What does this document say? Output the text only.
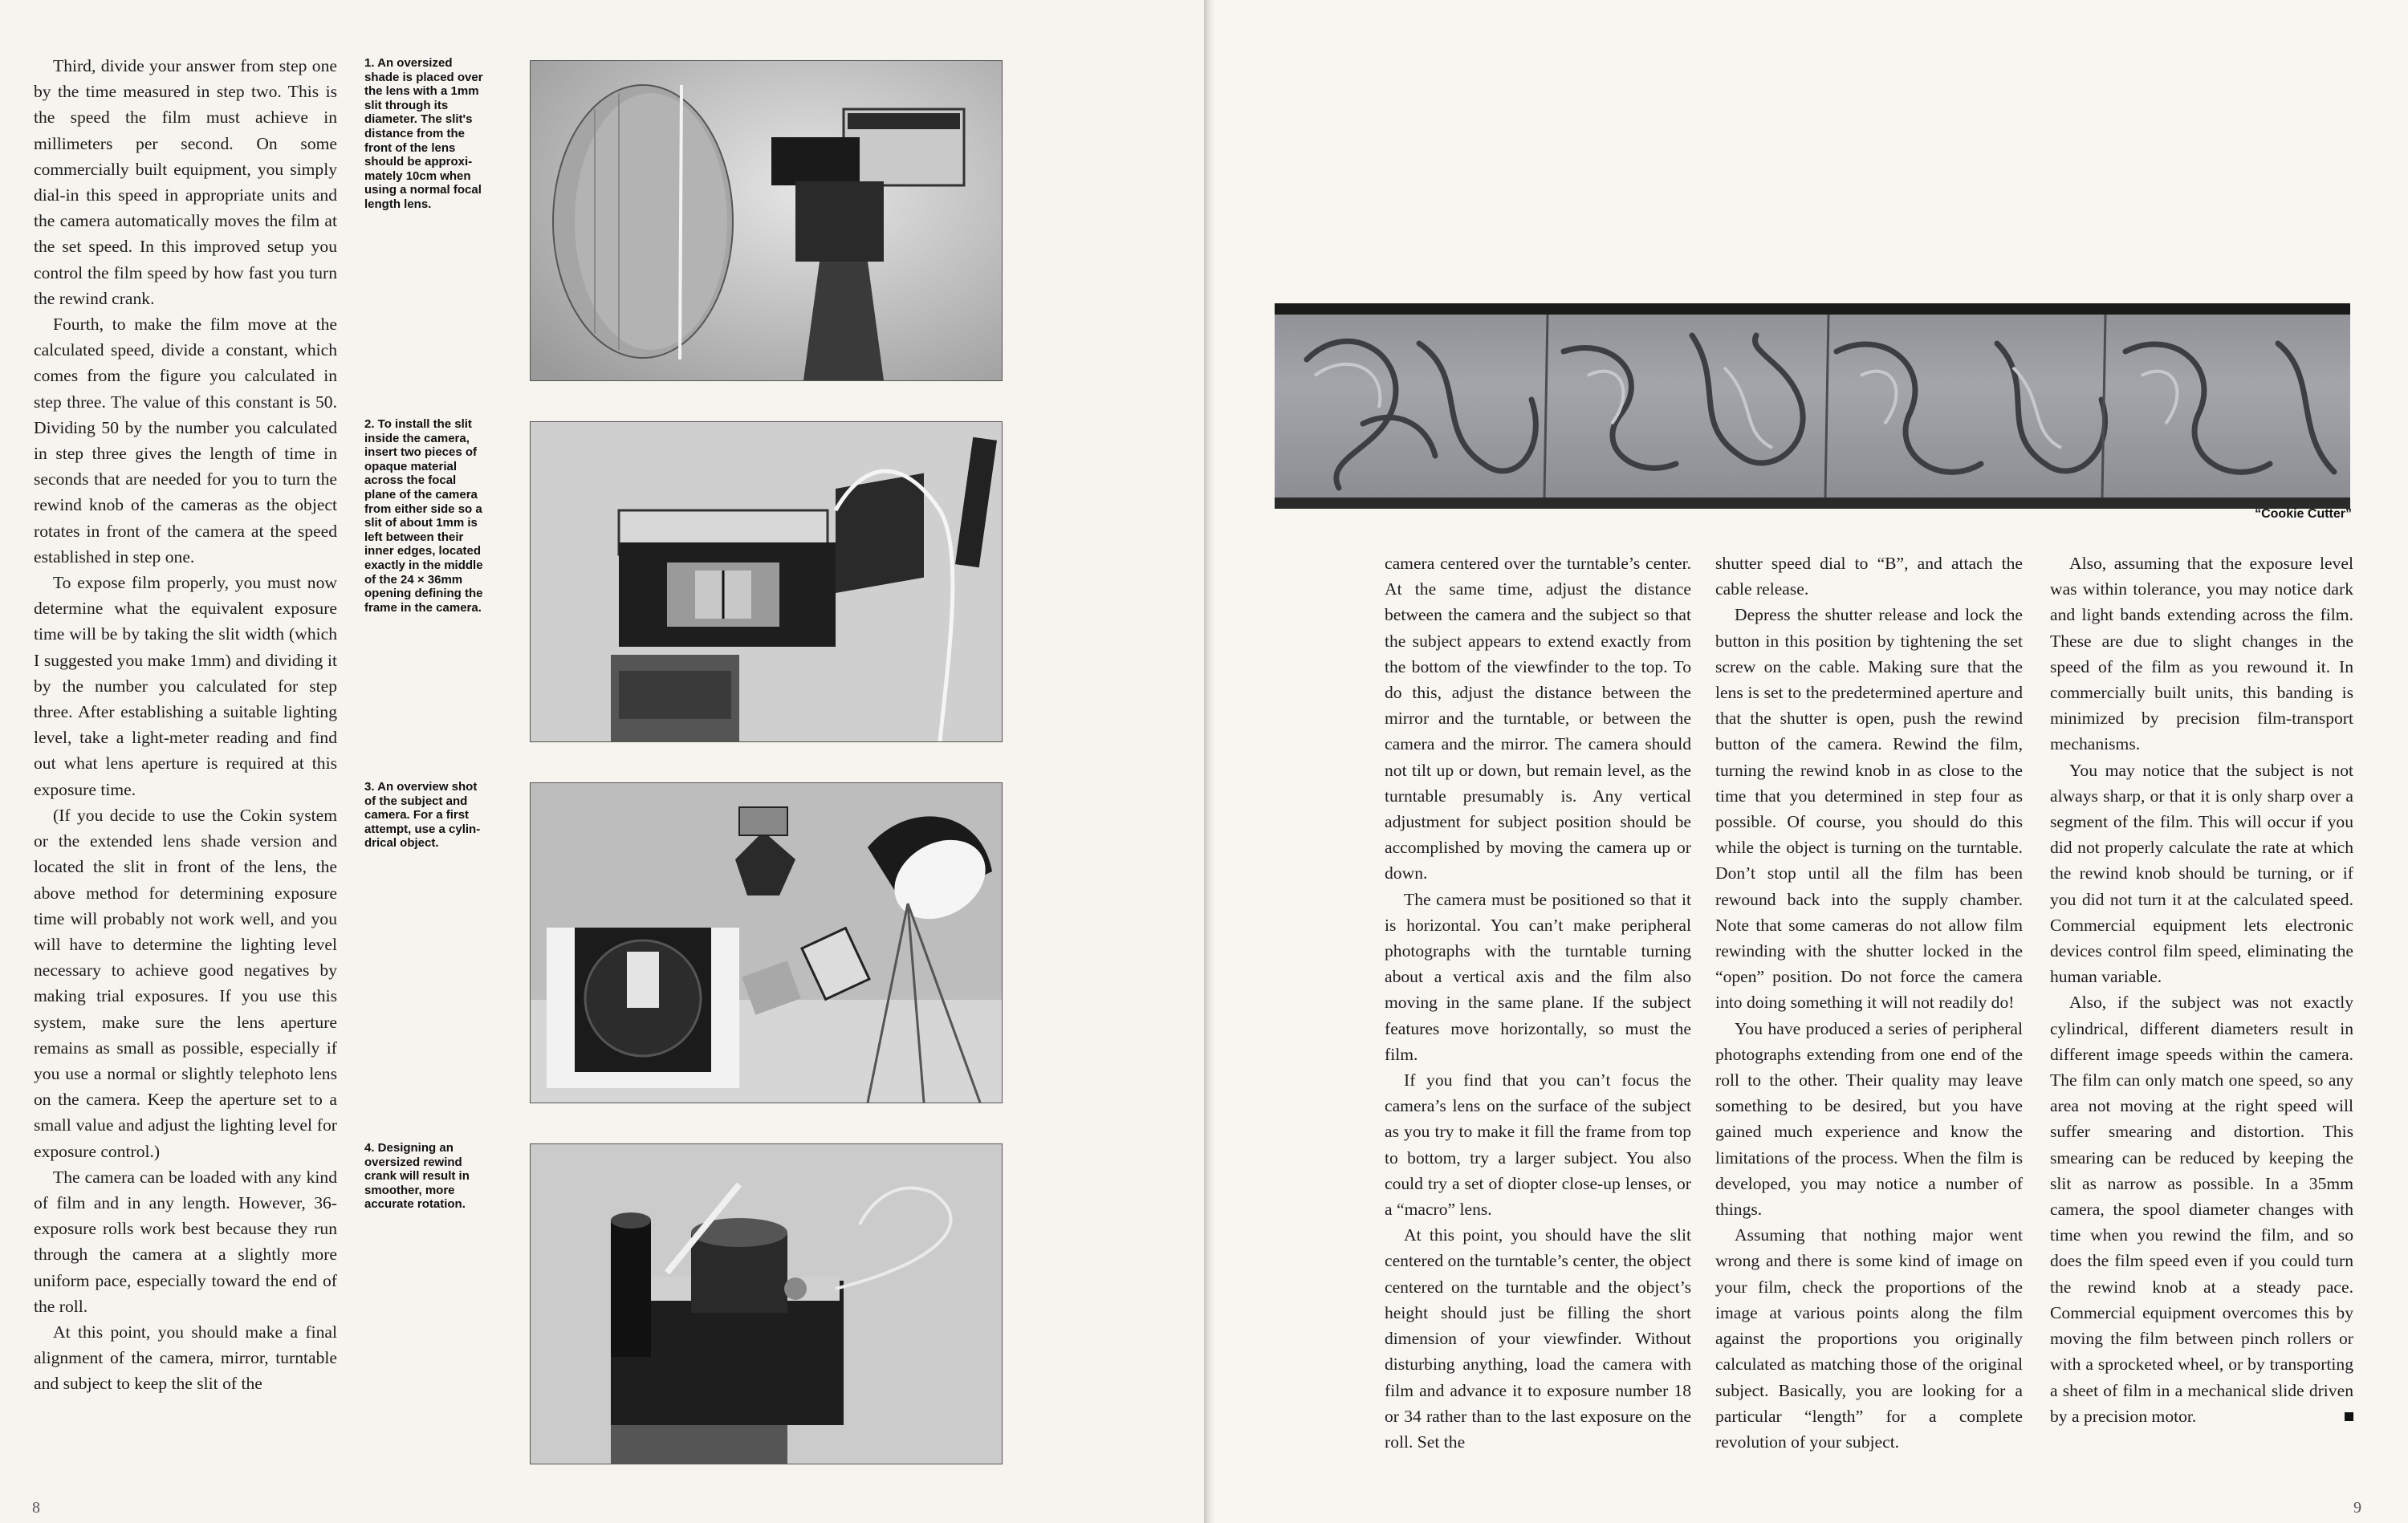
Third, divide your answer from step one by the time measured in step two. This is the speed the film must achieve in millimeters per second. On some commercially built equipment, you simply dial-in this speed in appropriate units and the camera automatically moves the film at the set speed. In this improved setup you control the film speed by how fast you turn the rewind crank.

Fourth, to make the film move at the calculated speed, divide a constant, which comes from the figure you calculated in step three. The value of this constant is 50. Dividing 50 by the number you calculated in step three gives the length of time in seconds that are needed for you to turn the rewind knob of the cameras as the object rotates in front of the camera at the speed established in step one.

To expose film properly, you must now determine what the equivalent exposure time will be by taking the slit width (which I suggested you make 1mm) and dividing it by the number you calculated for step three. After establishing a suitable lighting level, take a light-meter reading and find out what lens aperture is required at this exposure time.

(If you decide to use the Cokin system or the extended lens shade version and located the slit in front of the lens, the above method for determining exposure time will probably not work well, and you will have to determine the lighting level necessary to achieve good negatives by making trial exposures. If you use this system, make sure the lens aperture remains as small as possible, especially if you use a normal or slightly telephoto lens on the camera. Keep the aperture set to a small value and adjust the lighting level for exposure control.)

The camera can be loaded with any kind of film and in any length. However, 36-exposure rolls work best because they run through the camera at a slightly more uniform pace, especially toward the end of the roll.

At this point, you should make a final alignment of the camera, mirror, turntable and subject to keep the slit of the

1. An oversized
shade is placed over
the lens with a 1mm
slit through its
diameter. The slit's
distance from the
front of the lens
should be approxi-
mately 10cm when
using a normal focal
length lens.
2. To install the slit
inside the camera,
insert two pieces of
opaque material
across the focal
plane of the camera
from either side so a
slit of about 1mm is
left between their
inner edges, located
exactly in the middle
of the 24 × 36mm
opening defining the
frame in the camera.
3. An overview shot
of the subject and
camera. For a first
attempt, use a cylin-
drical object.
4. Designing an
oversized rewind
crank will result in
smoother, more
accurate rotation.
8	9
“Cookie Cutter”

camera centered over the turntable’s center. At the same time, adjust the distance between the camera and the subject so that the subject appears to extend exactly from the bottom of the viewfinder to the top. To do this, adjust the distance between the mirror and the turntable, or between the camera and the mirror. The camera should not tilt up or down, but remain level, as the turntable presumably is. Any vertical adjustment for subject position should be accomplished by moving the camera up or down.

The camera must be positioned so that it is horizontal. You can’t make peripheral photographs with the turntable turning about a vertical axis and the film also moving in the same plane. If the subject features move horizontally, so must the film.

If you find that you can’t focus the camera’s lens on the surface of the subject as you try to make it fill the frame from top to bottom, try a larger subject. You also could try a set of diopter close-up lenses, or a “macro” lens.

At this point, you should have the slit centered on the turntable’s center, the object centered on the turntable and the object’s height should just be filling the short dimension of your viewfinder. Without disturbing anything, load the camera with film and advance it to exposure number 18 or 34 rather than to the last exposure on the roll. Set the

shutter speed dial to “B”, and attach the cable release.

Depress the shutter release and lock the button in this position by tightening the set screw on the cable. Making sure that the lens is set to the predetermined aperture and that the shutter is open, push the rewind button of the camera. Rewind the film, turning the rewind knob in as close to the time that you determined in step four as possible. Of course, you should do this while the object is turning on the turntable. Don’t stop until all the film has been rewound back into the supply chamber. Note that some cameras do not allow film rewinding with the shutter locked in the “open” position. Do not force the camera into doing something it will not readily do!

You have produced a series of peripheral photographs extending from one end of the roll to the other. Their quality may leave something to be desired, but you have gained much experience and know the limitations of the process. When the film is developed, you may notice a number of things.

Assuming that nothing major went wrong and there is some kind of image on your film, check the proportions of the image at various points along the film against the proportions you originally calculated as matching those of the original subject. Basically, you are looking for a particular “length” for a complete revolution of your subject.

Also, assuming that the exposure level was within tolerance, you may notice dark and light bands extending across the film. These are due to slight changes in the speed of the film as you rewound it. In commercially built units, this banding is minimized by precision film-transport mechanisms.

You may notice that the subject is not always sharp, or that it is only sharp over a segment of the film. This will occur if you did not properly calculate the rate at which the rewind knob should be turning, or if you did not turn it at the calculated speed. Commercial equipment lets electronic devices control film speed, eliminating the human variable.

Also, if the subject was not exactly cylindrical, different diameters result in different image speeds within the camera. The film can only match one speed, so any area not moving at the right speed will suffer smearing and distortion. This smearing can be reduced by keeping the slit as narrow as possible. In a 35mm camera, the spool diameter changes with time when you rewind the film, and so does the film speed even if you could turn the rewind knob at a steady pace. Commercial equipment overcomes this by moving the film between pinch rollers or with a sprocketed wheel, or by transporting a sheet of film in a mechanical slide driven by a precision motor.
